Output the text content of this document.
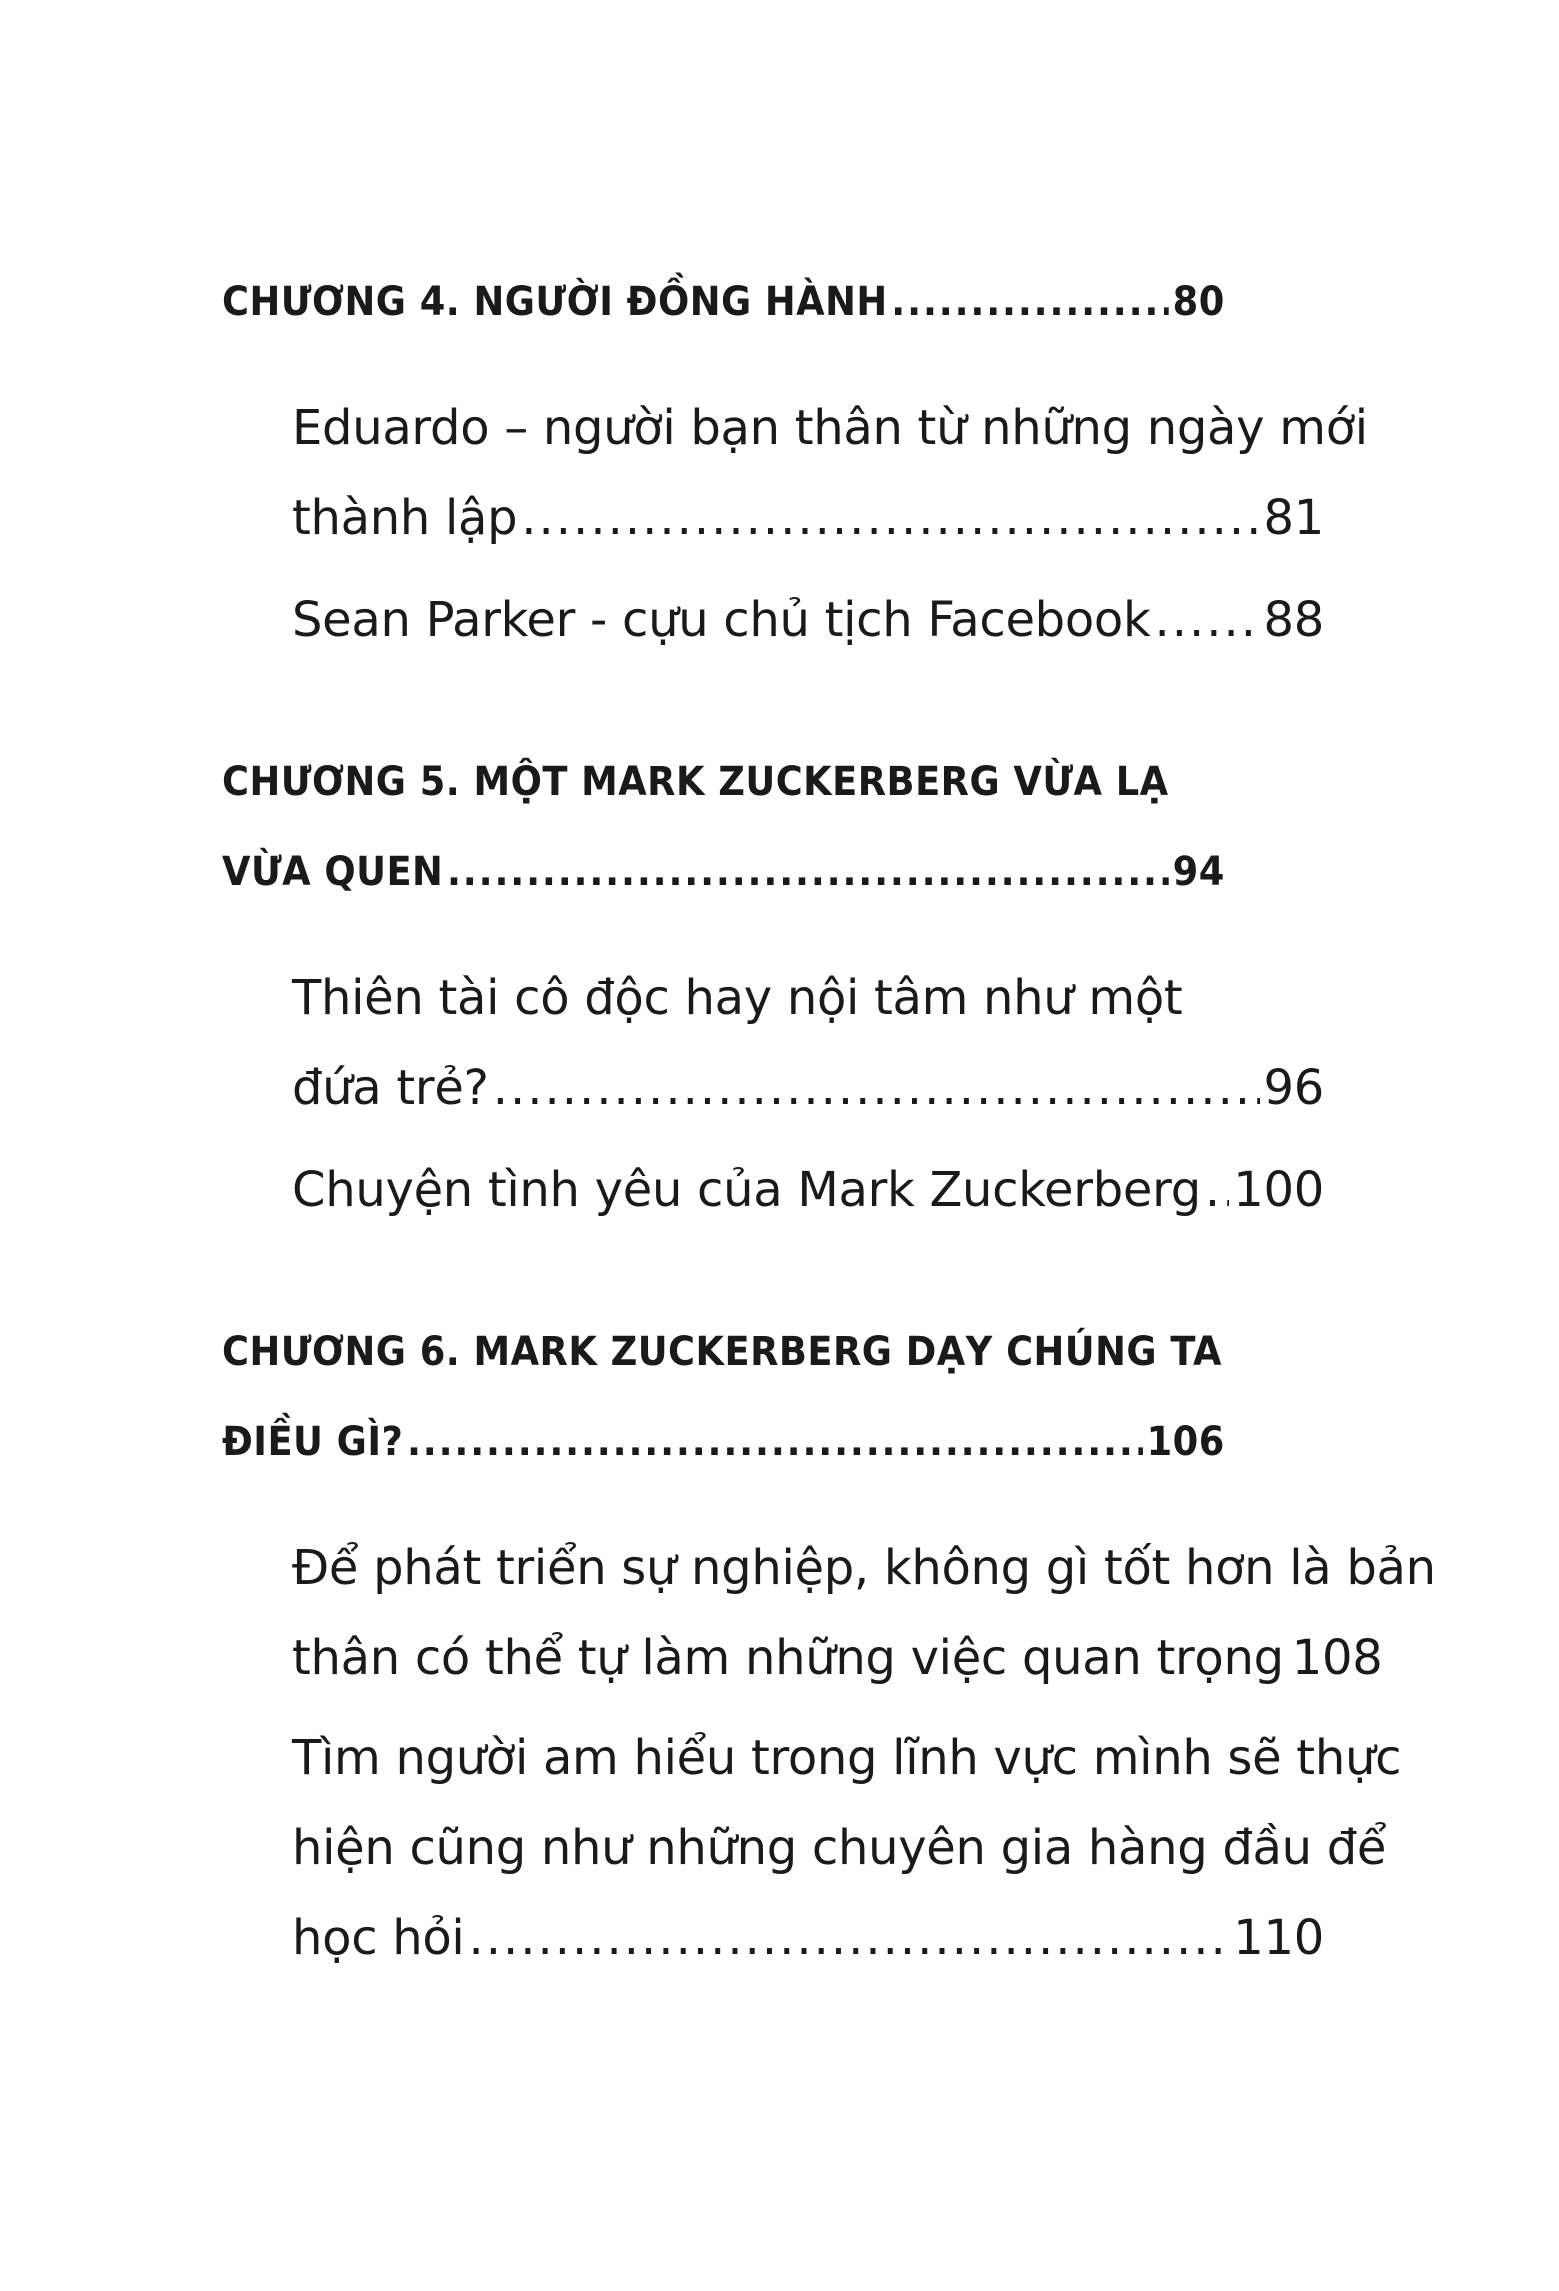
CHƯƠNG 4. NGƯỜI ĐỒNG HÀNH .....	80
Eduardo – người bạn thân từ những ngày mới
thành lập .....	81
Sean Parker - cựu chủ tịch Facebook ..... 88
CHƯƠNG 5. MỘT MARK ZUCKERBERG VỪA LẠ
VỪA QUEN .....	94
Thiên tài cô độc hay nội tâm như một
đứa trẻ? .....	96
Chuyện tình yêu của Mark Zuckerberg ..... 100
CHƯƠNG 6. MARK ZUCKERBERG DẠY CHÚNG TA
ĐIỀU GÌ? .....	106
Để phát triển sự nghiệp, không gì tốt hơn là bản
thân có thể tự làm những việc quan trọng 108
Tìm người am hiểu trong lĩnh vực mình sẽ thực
hiện cũng như những chuyên gia hàng đầu để
học hỏi .....	110
